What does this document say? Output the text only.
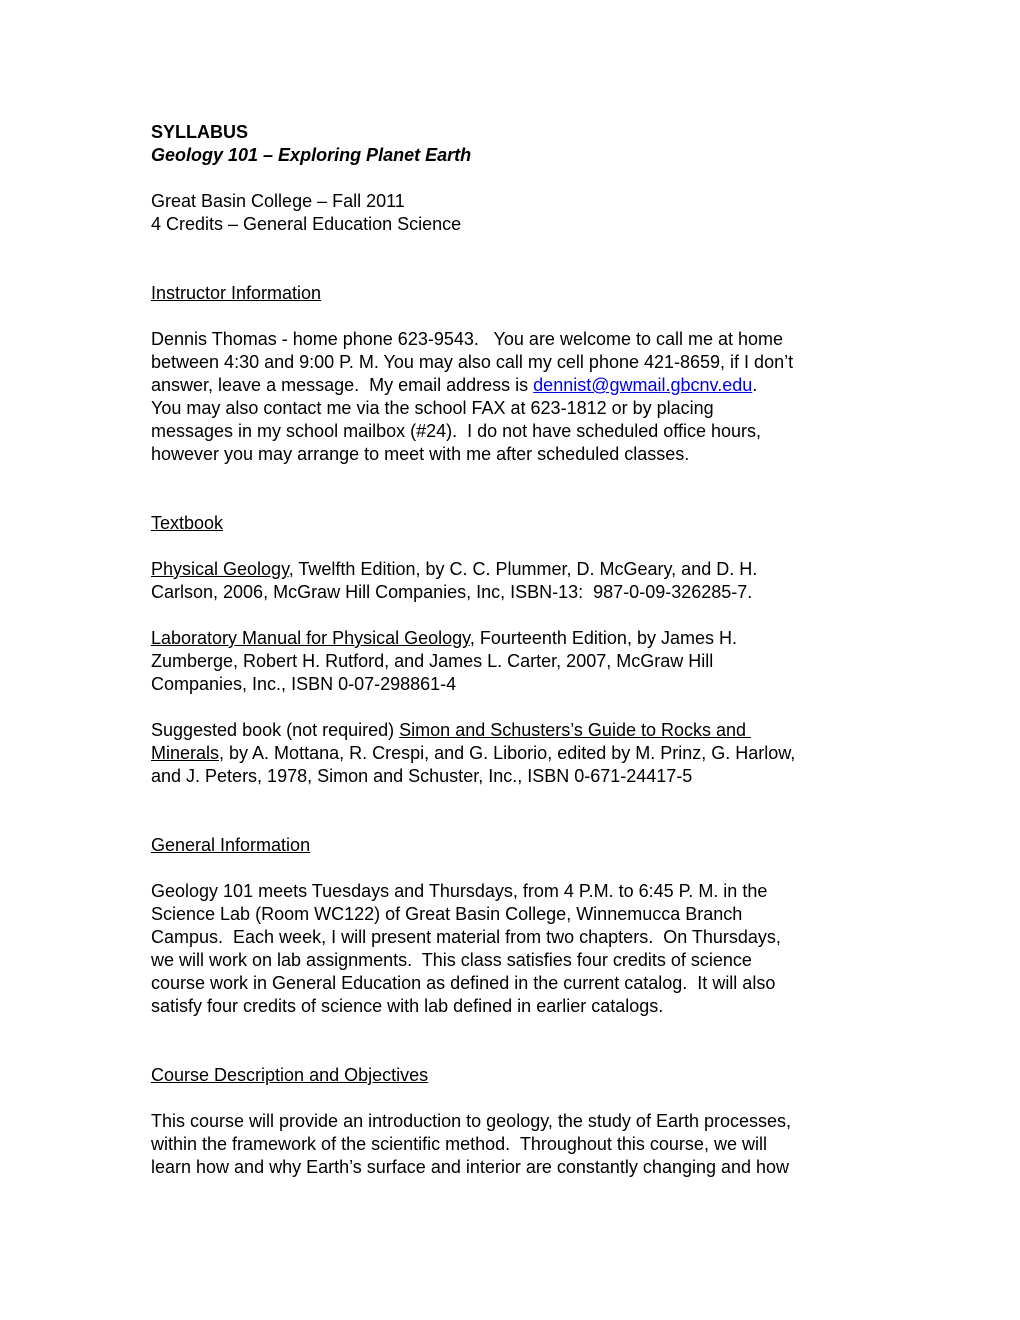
SYLLABUS
Geology 101 – Exploring Planet Earth
Great Basin College – Fall 2011
4 Credits – General Education Science
Instructor Information
Dennis Thomas - home phone 623-9543.   You are welcome to call me at home
between 4:30 and 9:00 P. M. You may also call my cell phone 421-8659, if I don’t
answer, leave a message.  My email address is dennist@gwmail.gbcnv.edu.
You may also contact me via the school FAX at 623-1812 or by placing
messages in my school mailbox (#24).  I do not have scheduled office hours,
however you may arrange to meet with me after scheduled classes.
Textbook
Physical Geology, Twelfth Edition, by C. C. Plummer, D. McGeary, and D. H.
Carlson, 2006, McGraw Hill Companies, Inc, ISBN-13:  987-0-09-326285-7.
Laboratory Manual for Physical Geology, Fourteenth Edition, by James H.
Zumberge, Robert H. Rutford, and James L. Carter, 2007, McGraw Hill
Companies, Inc., ISBN 0-07-298861-4
Suggested book (not required) Simon and Schusters’s Guide to Rocks and
Minerals, by A. Mottana, R. Crespi, and G. Liborio, edited by M. Prinz, G. Harlow,
and J. Peters, 1978, Simon and Schuster, Inc., ISBN 0-671-24417-5
General Information
Geology 101 meets Tuesdays and Thursdays, from 4 P.M. to 6:45 P. M. in the
Science Lab (Room WC122) of Great Basin College, Winnemucca Branch
Campus.  Each week, I will present material from two chapters.  On Thursdays,
we will work on lab assignments.  This class satisfies four credits of science
course work in General Education as defined in the current catalog.  It will also
satisfy four credits of science with lab defined in earlier catalogs.
Course Description and Objectives
This course will provide an introduction to geology, the study of Earth processes,
within the framework of the scientific method.  Throughout this course, we will
learn how and why Earth’s surface and interior are constantly changing and how
